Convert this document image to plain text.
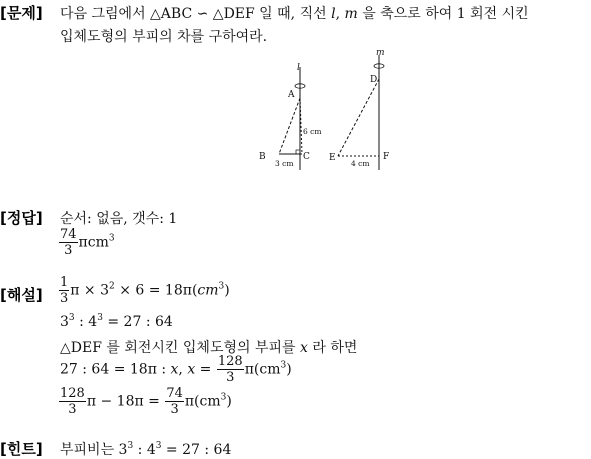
[문제] 다음 그림에서 △ABC ∽ △DEF 일 때, 직선 l, m 을 축으로 하여 1 회전 시킨
입체도형의 부피의 차를 구하여라.
l
A
B	C
3 cm
6 cm
m
D
E	F
4 cm
[정답] 순서: 없음, 갯수: 1
$\frac{74}{3} \pi cm^3$
[해설] $\frac{1}{3}$ $\pi \times 3^2 \times 6 = 18\pi(cm^3)$
$3^3$ : $4^3 = 27$ : 64
△DEF 를 회전시킨 입체도형의 부피를 x 라 하면
27 : 64 = 18π : x, $x = \frac{128}{3} \pi(cm^3)$
$\frac{128}{3}$ $\pi - 18\pi = \frac{74}{3} \pi(cm^3)$
[힌트] 부피비는 $3^3$ : $4^3 = 27$ : 64
